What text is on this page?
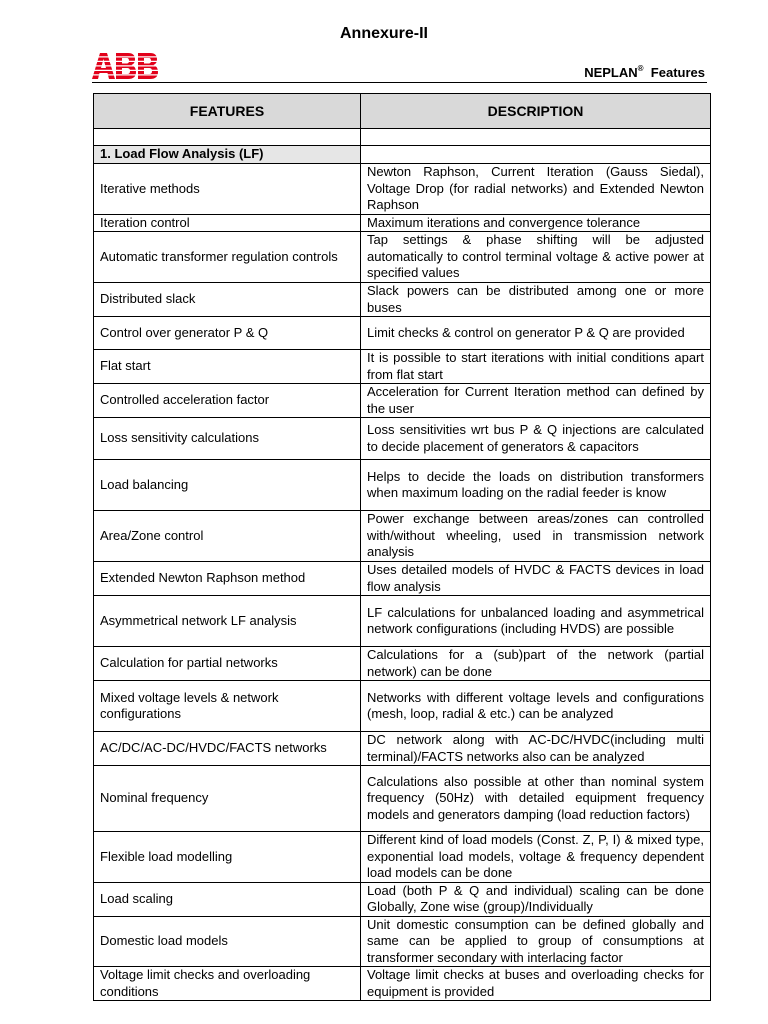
Annexure-II
NEPLAN® Features
FEATURES	DESCRIPTION

1. Load Flow Analysis (LF)	
Iterative methods	Newton Raphson, Current Iteration (Gauss Siedal), Voltage Drop (for radial networks) and Extended Newton Raphson
Iteration control	Maximum iterations and convergence tolerance
Automatic transformer regulation controls	Tap settings & phase shifting will be adjusted automatically to control terminal voltage & active power at specified values
Distributed slack	Slack powers can be distributed among one or more buses
Control over generator P & Q	Limit checks & control on generator P & Q are provided
Flat start	It is possible to start iterations with initial conditions apart from flat start
Controlled acceleration factor	Acceleration for Current Iteration method can defined by the user
Loss sensitivity calculations	Loss sensitivities wrt bus P & Q injections are calculated to decide placement of generators & capacitors
Load balancing	Helps to decide the loads on distribution transformers when maximum loading on the radial feeder is know
Area/Zone control	Power exchange between areas/zones can controlled with/without wheeling, used in transmission network analysis
Extended Newton Raphson method	Uses detailed models of HVDC & FACTS devices in load flow analysis
Asymmetrical network LF analysis	LF calculations for unbalanced loading and asymmetrical network configurations (including HVDS) are possible
Calculation for partial networks	Calculations for a (sub)part of the network (partial network) can be done
Mixed voltage levels & network configurations	Networks with different voltage levels and configurations (mesh, loop, radial & etc.) can be analyzed
AC/DC/AC-DC/HVDC/FACTS networks	DC network along with AC-DC/HVDC(including multi terminal)/FACTS networks also can be analyzed
Nominal frequency	Calculations also possible at other than nominal system frequency (50Hz) with detailed equipment frequency models and generators damping (load reduction factors)
Flexible load modelling	Different kind of load models (Const. Z, P, I) & mixed type, exponential load models, voltage & frequency dependent load models can be done
Load scaling	Load (both P & Q and individual) scaling can be done Globally, Zone wise (group)/Individually
Domestic load models	Unit domestic consumption can be defined globally and same can be applied to group of consumptions at transformer secondary with interlacing factor
Voltage limit checks and overloading conditions	Voltage limit checks at buses and overloading checks for equipment is provided
